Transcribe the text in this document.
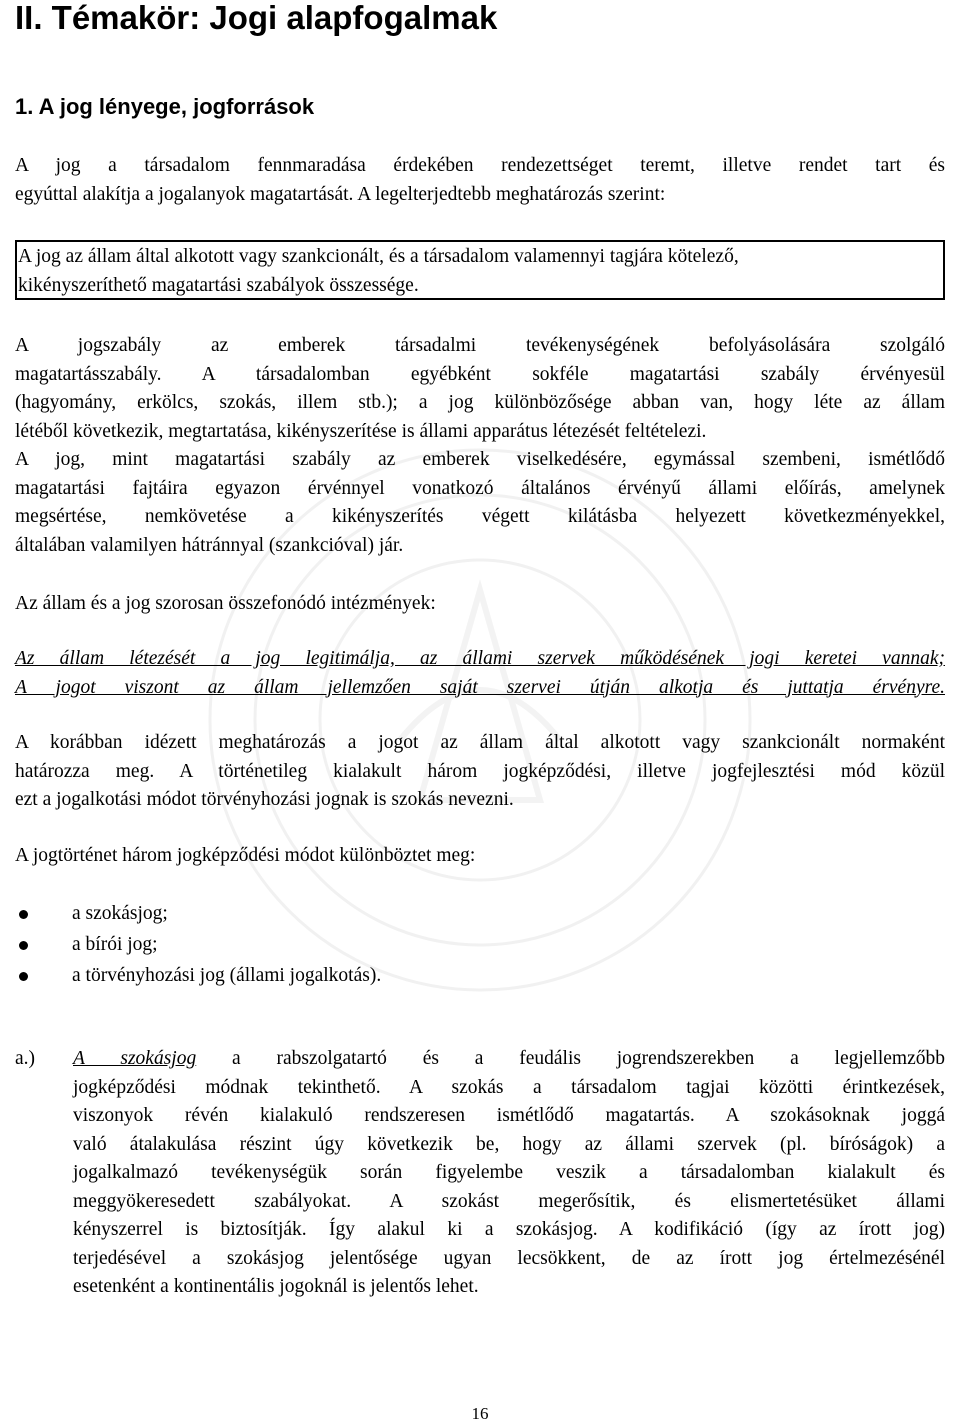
II. Témakör: Jogi alapfogalmak
1. A jog lényege, jogforrások
A jog a társadalom fennmaradása érdekében rendezettséget teremt, illetve rendet tart és
egyúttal alakítja a jogalanyok magatartását. A legelterjedtebb meghatározás szerint:
A jog az állam által alkotott vagy szankcionált, és a társadalom valamennyi tagjára kötelező,
kikényszeríthető magatartási szabályok összessége.
A jogszabály az emberek társadalmi tevékenységének befolyásolására szolgáló
magatartásszabály. A társadalomban egyébként sokféle magatartási szabály érvényesül
(hagyomány, erkölcs, szokás, illem stb.); a jog különbözősége abban van, hogy léte az állam
létéből következik, megtartatása, kikényszerítése is állami apparátus létezését feltételezi.
A jog, mint magatartási szabály az emberek viselkedésére, egymással szembeni, ismétlődő
magatartási fajtáira egyazon érvénnyel vonatkozó általános érvényű állami előírás, amelynek
megsértése, nemkövetése a kikényszerítés végett kilátásba helyezett következményekkel,
általában valamilyen hátránnyal (szankcióval) jár.

Az állam és a jog szorosan összefonódó intézmények:

Az állam létezését a jog legitimálja, az állami szervek működésének jogi keretei vannak;
A jogot viszont az állam jellemzően saját szervei útján alkotja és juttatja érvényre.
A korábban idézett meghatározás a jogot az állam által alkotott vagy szankcionált normaként
határozza meg. A történetileg kialakult három jogképződési, illetve jogfejlesztési mód közül
ezt a jogalkotási módot törvényhozási jognak is szokás nevezni.

A jogtörténet három jogképződési módot különböztet meg:

a szokásjog;
a bírói jog;
a törvényhozási jog (állami jogalkotás).
a.) A szokásjog a rabszolgatartó és a feudális jogrendszerekben a legjellemzőbb
jogképződési módnak tekinthető. A szokás a társadalom tagjai közötti érintkezések,
viszonyok révén kialakuló rendszeresen ismétlődő magatartás. A szokásoknak joggá
való átalakulása részint úgy következik be, hogy az állami szervek (pl. bíróságok) a
jogalkalmazó tevékenységük során figyelembe veszik a társadalomban kialakult és
meggyökeresedett szabályokat. A szokást megerősítik, és elismertetésüket állami
kényszerrel is biztosítják. Így alakul ki a szokásjog. A kodifikáció (így az írott jog)
terjedésével a szokásjog jelentősége ugyan lecsökkent, de az írott jog értelmezésénél
esetenként a kontinentális jogoknál is jelentős lehet.
16
